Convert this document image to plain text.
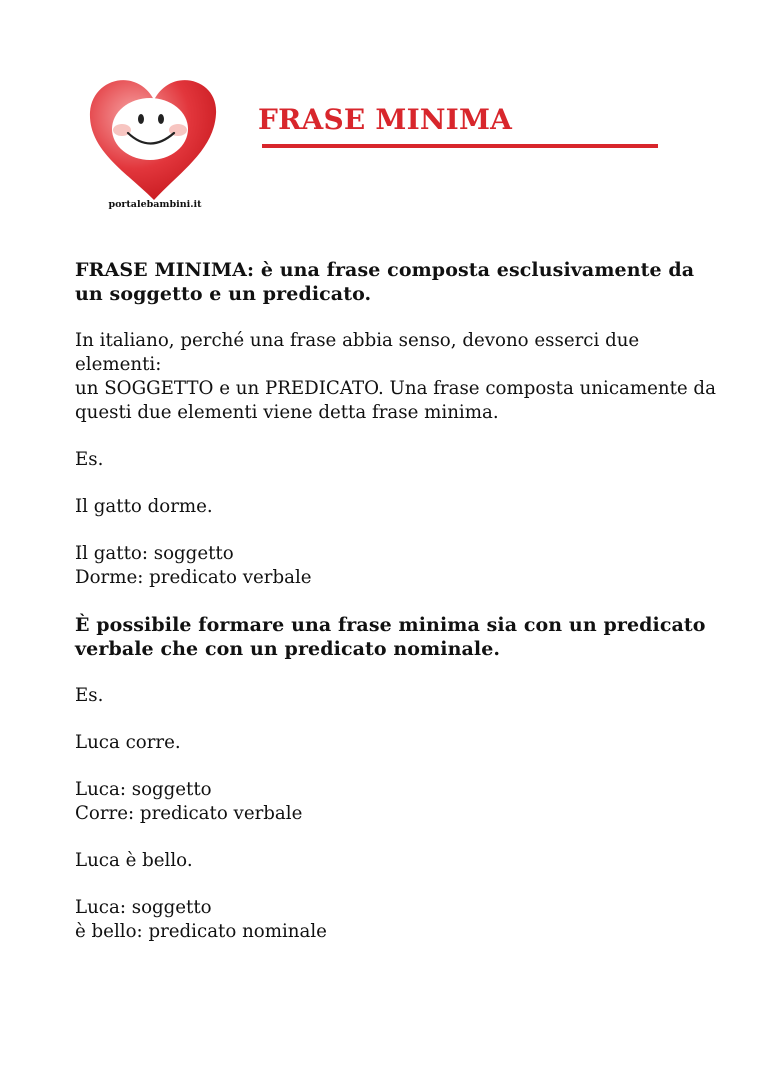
portalebambini.it
FRASE MINIMA

FRASE MINIMA: è una frase composta esclusivamente da
un soggetto e un predicato.

In italiano, perché una frase abbia senso, devono esserci due elementi:
un SOGGETTO e un PREDICATO. Una frase composta unicamente da
questi due elementi viene detta frase minima.

Es.

Il gatto dorme.

Il gatto: soggetto
Dorme: predicato verbale

È possibile formare una frase minima sia con un predicato
verbale che con un predicato nominale.

Es.

Luca corre.

Luca: soggetto
Corre: predicato verbale

Luca è bello.

Luca: soggetto
è bello: predicato nominale
